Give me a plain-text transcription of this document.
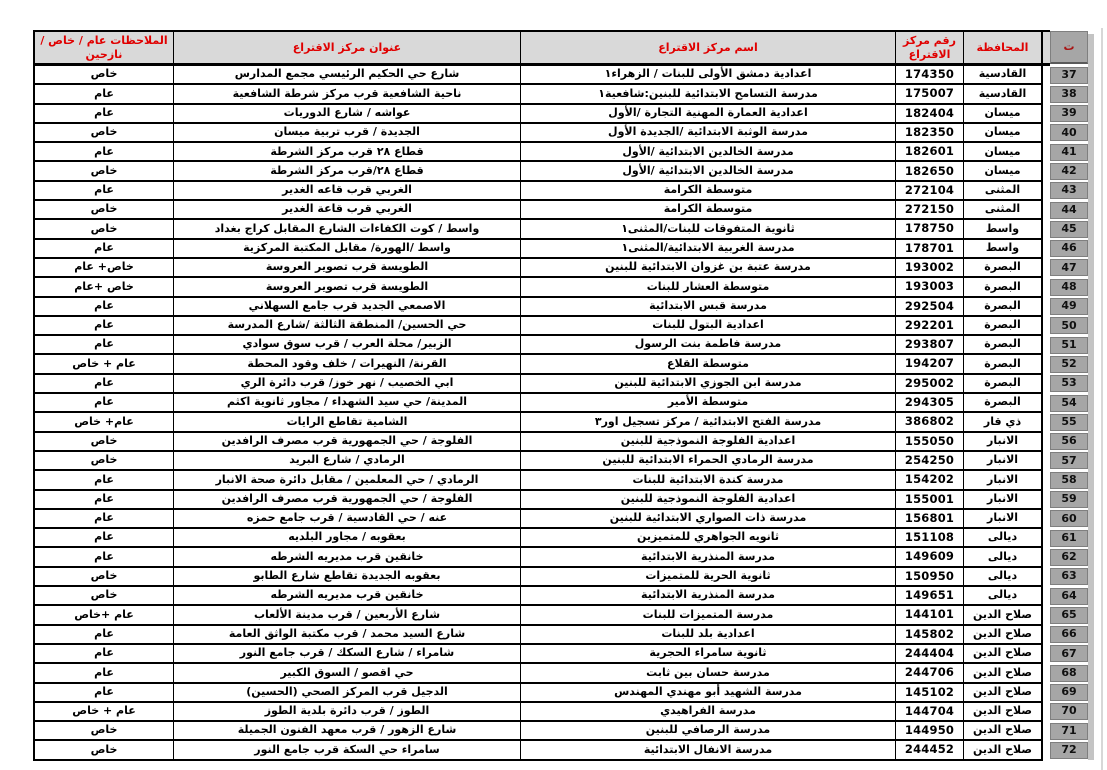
ت
المحافظة
رقم مركز الاقتراع
اسم مركز الاقتراع
عنوان مركز الاقتراع
الملاحظات عام / خاص / نازحين
37
القادسية
174350
اعدادية دمشق الأولى للبنات / الزهراء١
شارع حي الحكيم الرئيسي مجمع المدارس
خاص
38
القادسية
175007
مدرسة التسامح الابتدائية للبنين:شافعية١
ناحية الشافعية قرب مركز شرطة الشافعية
عام
39
ميسان
182404
اعدادية العمارة المهنية التجارة /الأول
عواشه / شارع الدوريات
عام
40
ميسان
182350
مدرسة الوثبة الابتدائية /الجديدة الأول
الجديدة / قرب تربية ميسان
خاص
41
ميسان
182601
مدرسة الخالدين الابتدائية /الأول
قطاع ٢٨ قرب مركز الشرطة
عام
42
ميسان
182650
مدرسة الخالدين الابتدائية /الأول
قطاع ٢٨/قرب مركز الشرطة
خاص
43
المثنى
272104
متوسطة الكرامة
الغربي قرب قاعه الغدير
عام
44
المثنى
272150
متوسطة الكرامة
الغربي قرب قاعة الغدير
خاص
45
واسط
178750
ثانوية المتفوقات للبنات/المثنى١
واسط / كوت الكفاءات الشارع المقابل كراج بغداد
خاص
46
واسط
178701
مدرسة الغربية الابتدائية/المثنى١
واسط /الهورة/ مقابل المكتبة المركزية
عام
47
البصرة
193002
مدرسة عتبة بن غزوان الابتدائية للبنين
الطويسة قرب تصوير العروسة
خاص+ عام
48
البصرة
193003
متوسطة العشار للبنات
الطويسة قرب تصوير العروسة
خاص +عام
49
البصرة
292504
مدرسة قبس الابتدائية
الاصمعي الجديد قرب جامع السهلاني
عام
50
البصرة
292201
اعدادية البتول للبنات
حي الحسين/ المنطقة الثالثة /شارع المدرسة
عام
51
البصرة
293807
مدرسة فاطمة بنت الرسول
الزبير/ محلة العرب / قرب سوق سوادي
عام
52
البصرة
194207
متوسطة القلاع
القرنة/ النهيرات / خلف وقود المحطة
عام + خاص
53
البصرة
295002
مدرسة ابن الجوزي الابتدائية للبنين
ابي الخصيب / نهر خوز/ قرب دائرة الري
عام
54
البصرة
294305
متوسطة الأمير
المدينة/ حي سيد الشهداء / مجاور ثانوية اكثم
عام
55
ذي قار
386802
مدرسة الفتح الابتدائية / مركز تسجيل اور٣
الشامية تقاطع الرايات
عام+ خاص
56
الانبار
155050
اعدادية الفلوجة النموذجية للبنين
الفلوجة / حي الجمهورية قرب مصرف الرافدين
خاص
57
الانبار
254250
مدرسة الرمادي الحمراء الابتدائية للبنين
الرمادي / شارع البريد
خاص
58
الانبار
154202
مدرسة كندة الابتدائية للبنات
الرمادي / حي المعلمين / مقابل دائرة صحة الانبار
عام
59
الانبار
155001
اعدادية الفلوجة النموذجية للبنين
الفلوجة / حي الجمهورية قرب مصرف الرافدين
عام
60
الانبار
156801
مدرسة ذات الصواري الابتدائية للبنين
عنه / حي القادسية / قرب جامع حمزه
عام
61
ديالى
151108
ثانويه الجواهري للمتميزين
بعقوبه / مجاور البلديه
عام
62
ديالى
149609
مدرسة المنذرية الابتدائية
خانقين قرب مديريه الشرطه
عام
63
ديالى
150950
ثانوية الحرية للمتميزات
بعقوبه الجديدة تقاطع شارع الطابو
خاص
64
ديالى
149651
مدرسة المنذرية الابتدائية
خانقين قرب مديريه الشرطه
خاص
65
صلاح الدين
144101
مدرسة المتميزات للبنات
شارع الأربعين / قرب مدينة الألعاب
عام +خاص
66
صلاح الدين
145802
اعدادية بلد للبنات
شارع السيد محمد / قرب مكتبة الواثق العامة
عام
67
صلاح الدين
244404
ثانوية سامراء الحجرية
شامراء / شارع السكك / قرب جامع النور
عام
68
صلاح الدين
244706
مدرسة حسان بين ثابت
حي اقصو / السوق الكبير
عام
69
صلاح الدين
145102
مدرسة الشهيد أبو مهندي المهندس
الدجيل قرب المركز الصحي (الحسين)
عام
70
صلاح الدين
144704
مدرسة الفراهيدي
الطوز / قرب دائرة بلدية الطوز
عام + خاص
71
صلاح الدين
144950
مدرسة الرصافي للبنين
شارع الزهور / قرب معهد الفنون الجميلة
خاص
72
صلاح الدين
244452
مدرسة الانفال الابتدائية
سامراء حي السكة قرب جامع النور
خاص
